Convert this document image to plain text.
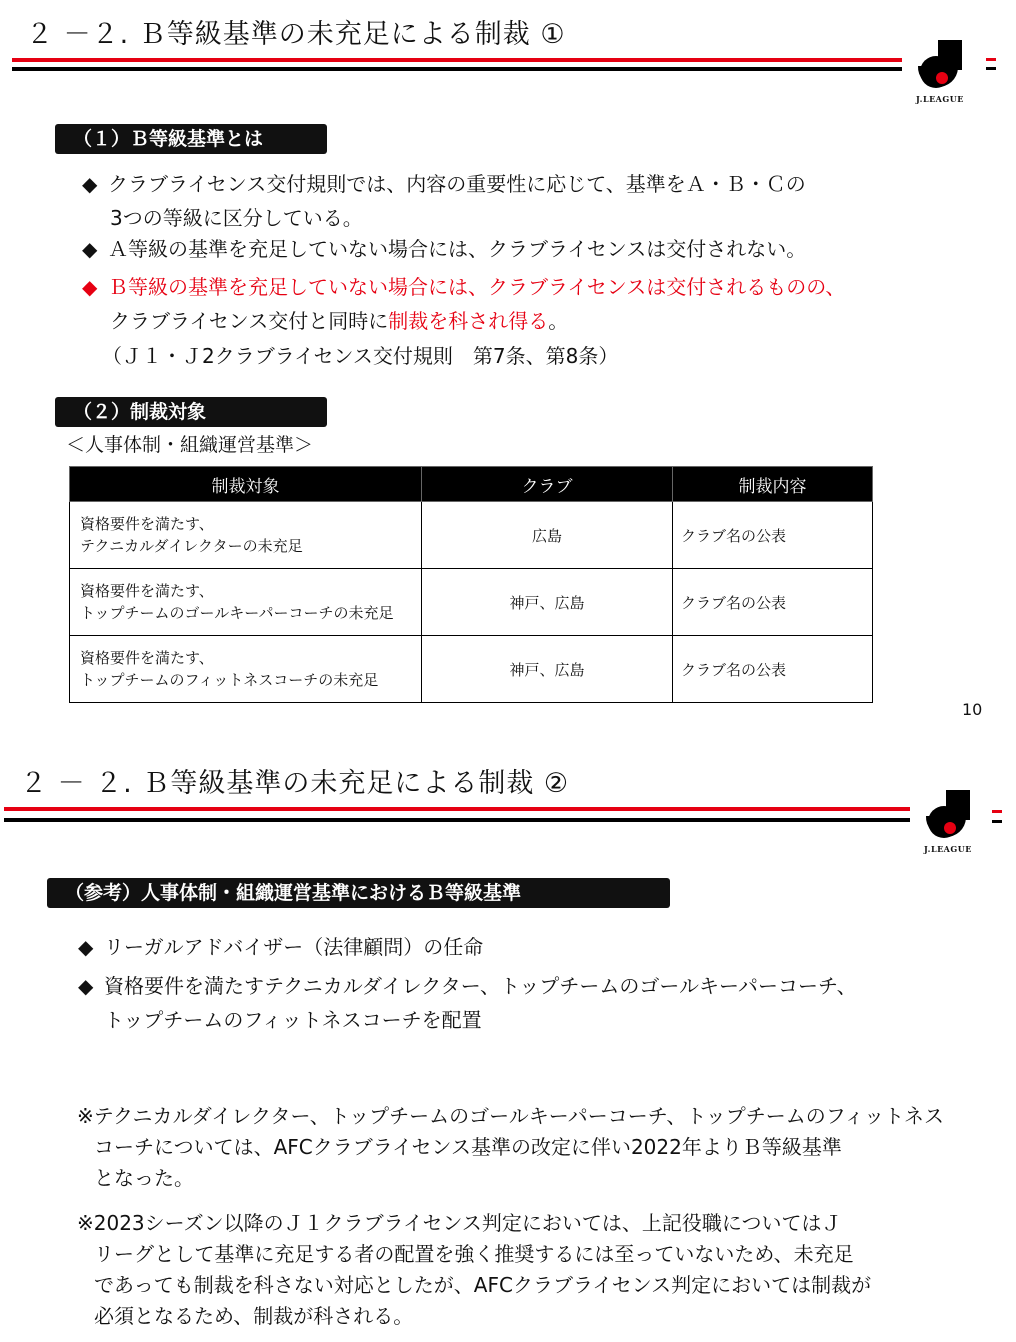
２ －２. Ｂ等級基準の未充足による制裁 ①
J.LEAGUE
（１）Ｂ等級基準とは
◆ クラブライセンス交付規則では、内容の重要性に応じて、基準をＡ・Ｂ・Ｃの
3つの等級に区分している。
◆ Ａ等級の基準を充足していない場合には、クラブライセンスは交付されない。
◆ Ｂ等級の基準を充足していない場合には、クラブライセンスは交付されるものの、
クラブライセンス交付と同時に制裁を科され得る。
（Ｊ１・Ｊ2クラブライセンス交付規則　第7条、第8条）
（２）制裁対象
＜人事体制・組織運営基準＞
制裁対象	クラブ	制裁内容
資格要件を満たす、
テクニカルダイレクターの未充足	広島	クラブ名の公表
資格要件を満たす、
トップチームのゴールキーパーコーチの未充足	神戸、広島	クラブ名の公表
資格要件を満たす、
トップチームのフィットネスコーチの未充足	神戸、広島	クラブ名の公表
10
２ － ２. Ｂ等級基準の未充足による制裁 ②
J.LEAGUE
（参考）人事体制・組織運営基準におけるＢ等級基準
◆ リーガルアドバイザー（法律顧問）の任命
◆ 資格要件を満たすテクニカルダイレクター、トップチームのゴールキーパーコーチ、
トップチームのフィットネスコーチを配置
※テクニカルダイレクター、トップチームのゴールキーパーコーチ、トップチームのフィットネス
コーチについては、AFCクラブライセンス基準の改定に伴い2022年よりＢ等級基準
となった。
※2023シーズン以降のＪ１クラブライセンス判定においては、上記役職についてはＪ
リーグとして基準に充足する者の配置を強く推奨するには至っていないため、未充足
であっても制裁を科さない対応としたが、AFCクラブライセンス判定においては制裁が
必須となるため、制裁が科される。
